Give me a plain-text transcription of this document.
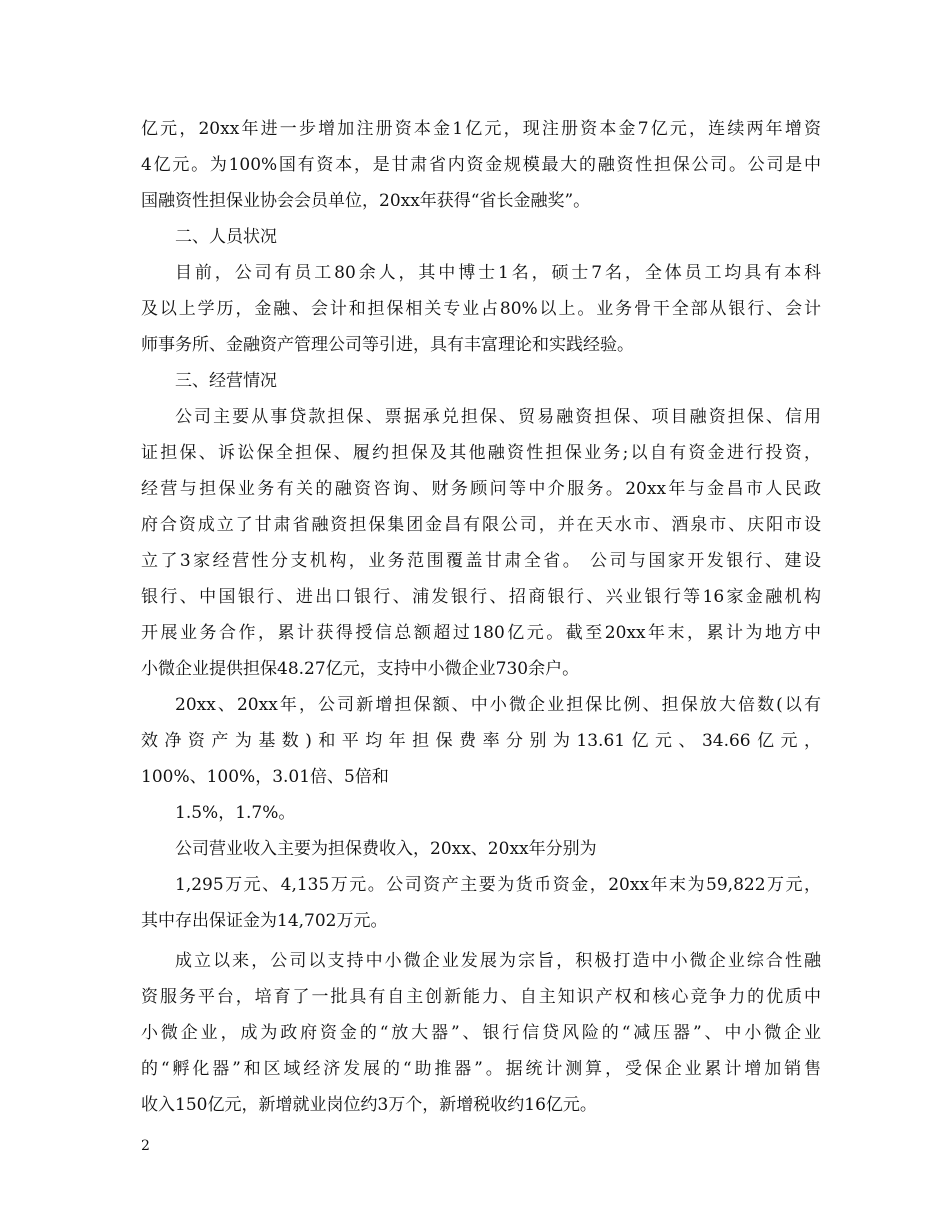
亿元，20xx年进一步增加注册资本金1亿元，现注册资本金7亿元，连续两年增资
4亿元。为100%国有资本，是甘肃省内资金规模最大的融资性担保公司。公司是中
国融资性担保业协会会员单位，20xx年获得“省长金融奖”。
二、人员状况
目前，公司有员工80余人，其中博士1名，硕士7名，全体员工均具有本科
及以上学历，金融、会计和担保相关专业占80%以上。业务骨干全部从银行、会计
师事务所、金融资产管理公司等引进，具有丰富理论和实践经验。
三、经营情况
公司主要从事贷款担保、票据承兑担保、贸易融资担保、项目融资担保、信用
证担保、诉讼保全担保、履约担保及其他融资性担保业务;以自有资金进行投资，
经营与担保业务有关的融资咨询、财务顾问等中介服务。20xx年与金昌市人民政
府合资成立了甘肃省融资担保集团金昌有限公司，并在天水市、酒泉市、庆阳市设
立了3家经营性分支机构，业务范围覆盖甘肃全省。 公司与国家开发银行、建设
银行、中国银行、进出口银行、浦发银行、招商银行、兴业银行等16家金融机构
开展业务合作，累计获得授信总额超过180亿元。截至20xx年末，累计为地方中
小微企业提供担保48.27亿元，支持中小微企业730余户。
20xx、20xx年，公司新增担保额、中小微企业担保比例、担保放大倍数(以有
效净资产为基数)和平均年担保费率分别为13.61亿元、34.66亿元，
100%、100%，3.01倍、5倍和
1.5%，1.7%。
公司营业收入主要为担保费收入，20xx、20xx年分别为
1,295万元、4,135万元。公司资产主要为货币资金，20xx年末为59,822万元，
其中存出保证金为14,702万元。
成立以来，公司以支持中小微企业发展为宗旨，积极打造中小微企业综合性融
资服务平台，培育了一批具有自主创新能力、自主知识产权和核心竞争力的优质中
小微企业，成为政府资金的“放大器”、银行信贷风险的“减压器”、中小微企业
的“孵化器”和区域经济发展的“助推器”。据统计测算，受保企业累计增加销售
收入150亿元，新增就业岗位约3万个，新增税收约16亿元。
2
